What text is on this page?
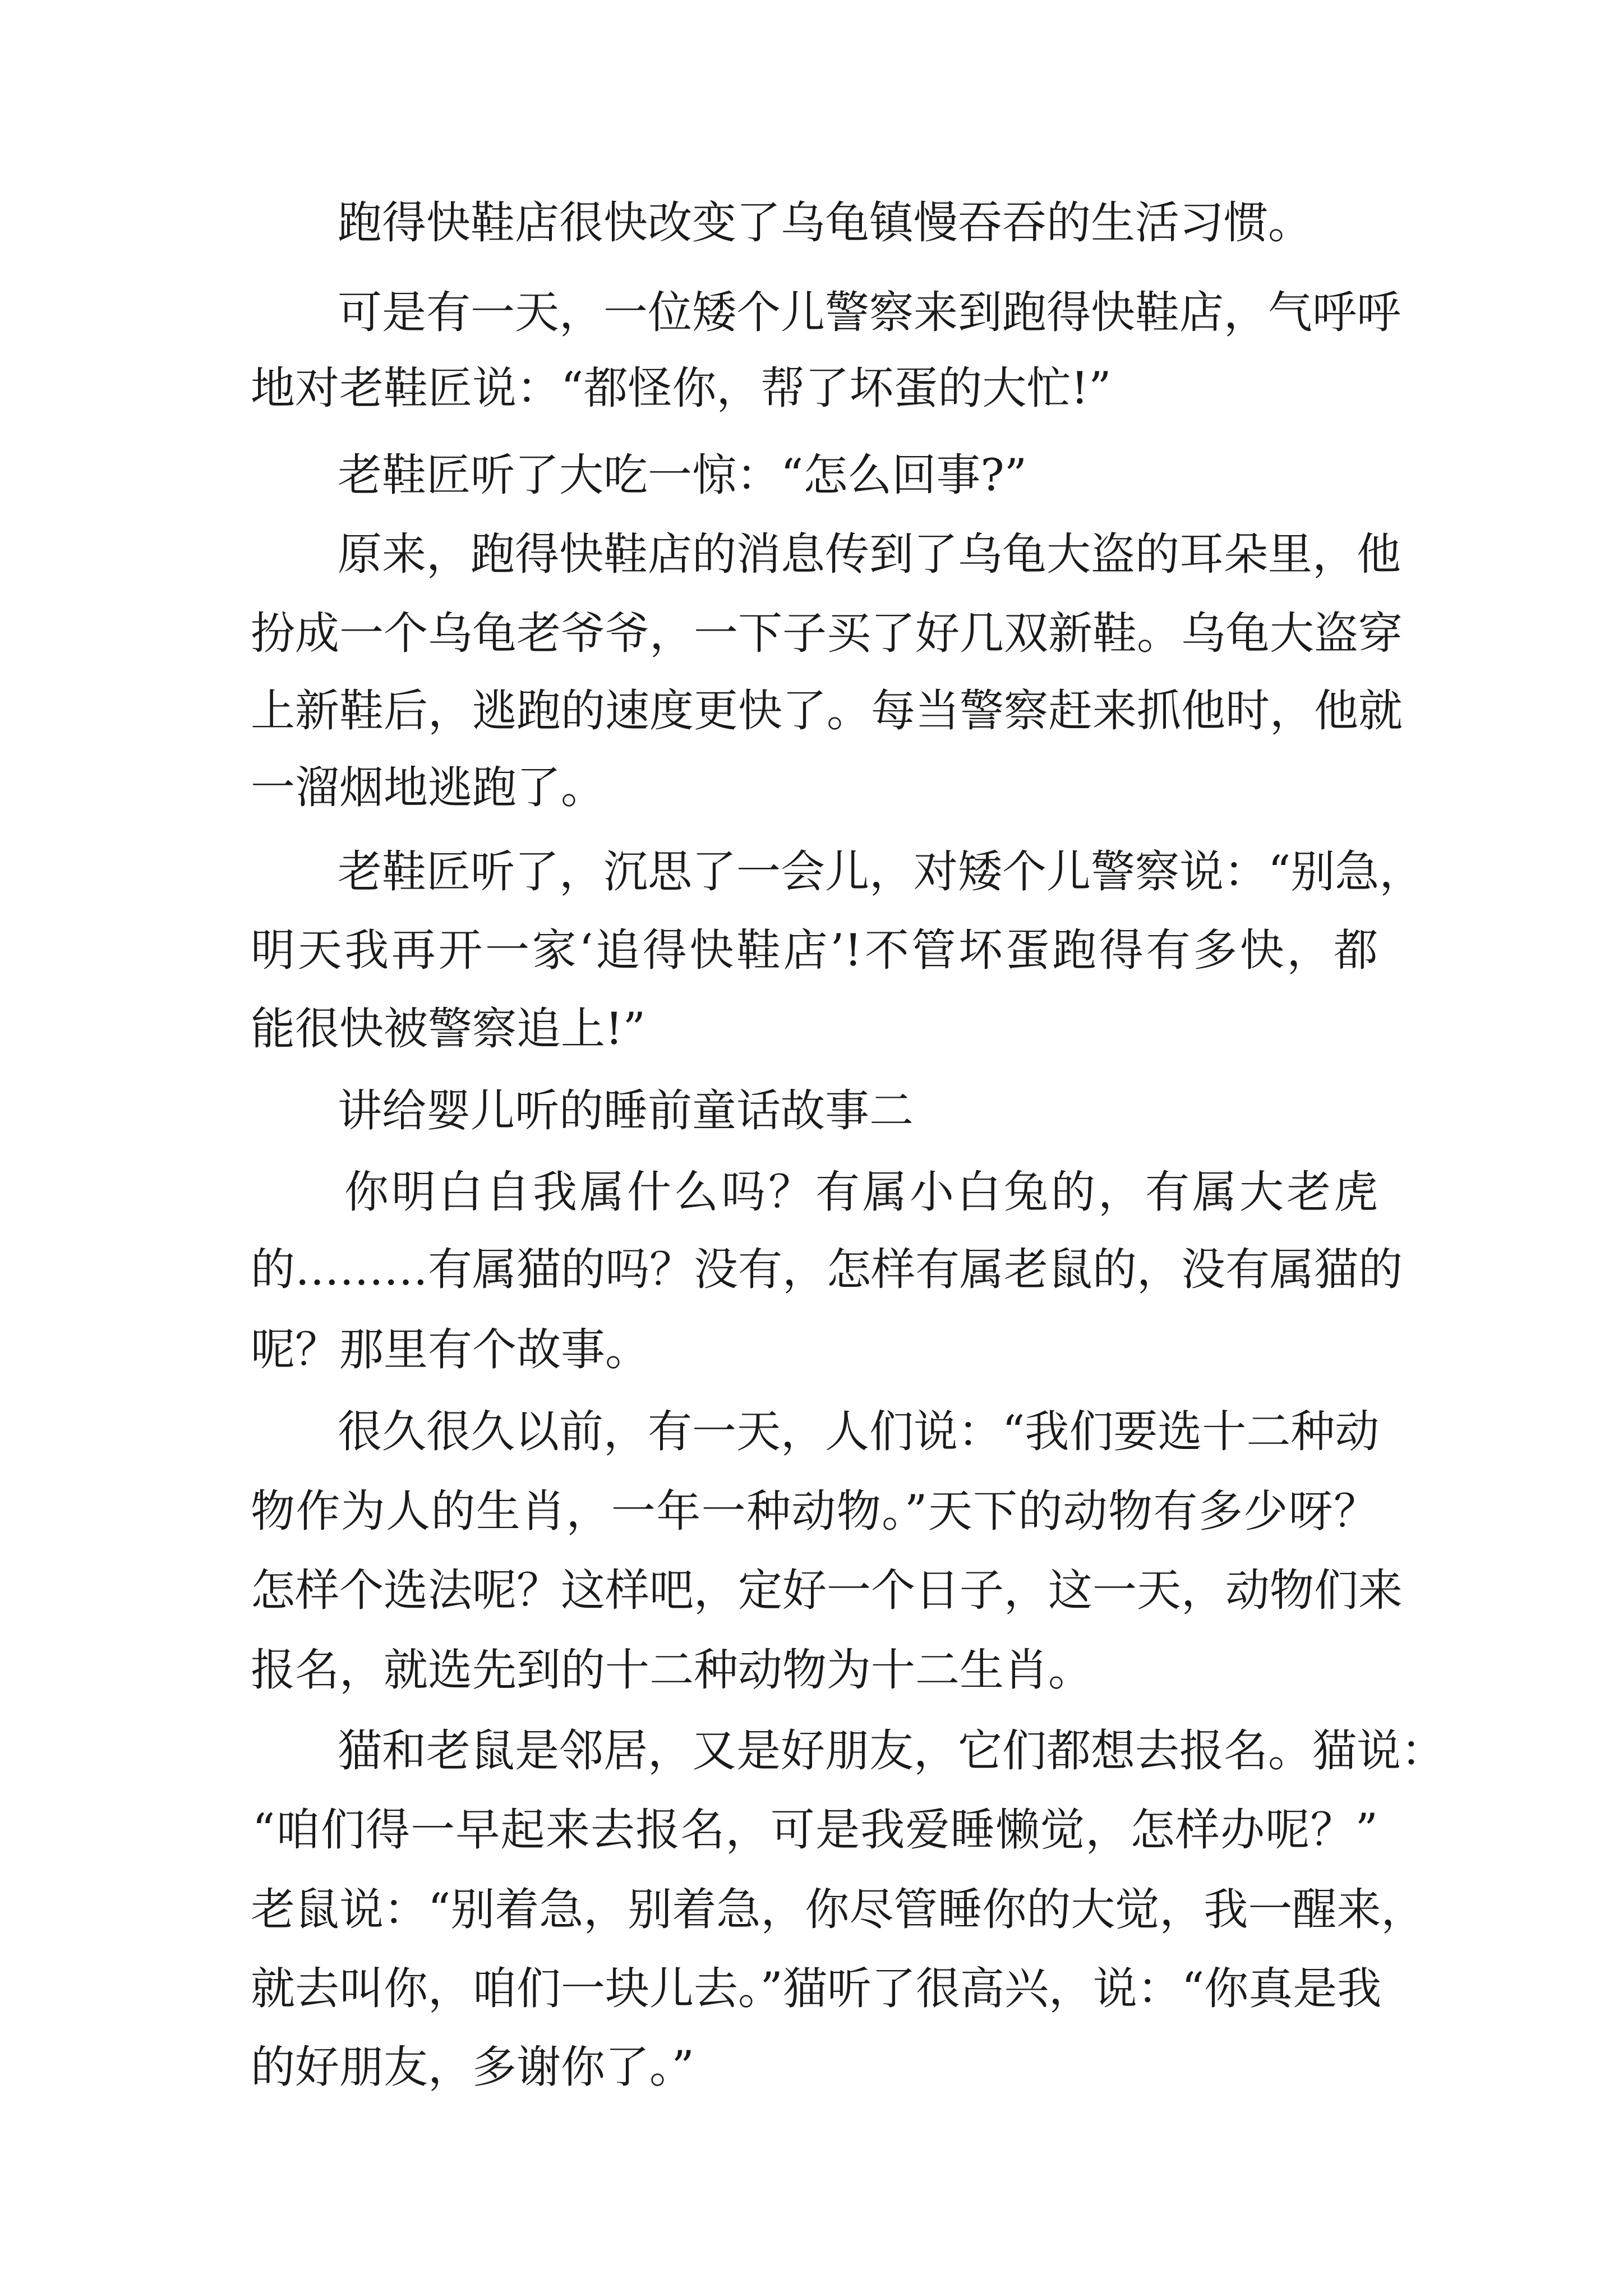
跑得快鞋店很快改变了乌龟镇慢吞吞的生活习惯。
可是有一天，一位矮个儿警察来到跑得快鞋店，气呼呼
地对老鞋匠说：“都怪你，帮了坏蛋的大忙!”
老鞋匠听了大吃一惊：“怎么回事?”
原来，跑得快鞋店的消息传到了乌龟大盗的耳朵里，他
扮成一个乌龟老爷爷，一下子买了好几双新鞋。乌龟大盗穿
上新鞋后，逃跑的速度更快了。每当警察赶来抓他时，他就
一溜烟地逃跑了。
老鞋匠听了，沉思了一会儿，对矮个儿警察说：“别急，
明天我再开一家‘追得快鞋店’!不管坏蛋跑得有多快，都
能很快被警察追上!”
讲给婴儿听的睡前童话故事二
你明白自我属什么吗？有属小白兔的，有属大老虎
的………有属猫的吗？没有，怎样有属老鼠的，没有属猫的
呢？那里有个故事。
很久很久以前，有一天，人们说：“我们要选十二种动
物作为人的生肖，一年一种动物。”天下的动物有多少呀？
怎样个选法呢？这样吧，定好一个日子，这一天，动物们来
报名，就选先到的十二种动物为十二生肖。
猫和老鼠是邻居，又是好朋友，它们都想去报名。猫说：
“咱们得一早起来去报名，可是我爱睡懒觉，怎样办呢？”
老鼠说：“别着急，别着急，你尽管睡你的大觉，我一醒来，
就去叫你，咱们一块儿去。”猫听了很高兴，说：“你真是我
的好朋友，多谢你了。”
